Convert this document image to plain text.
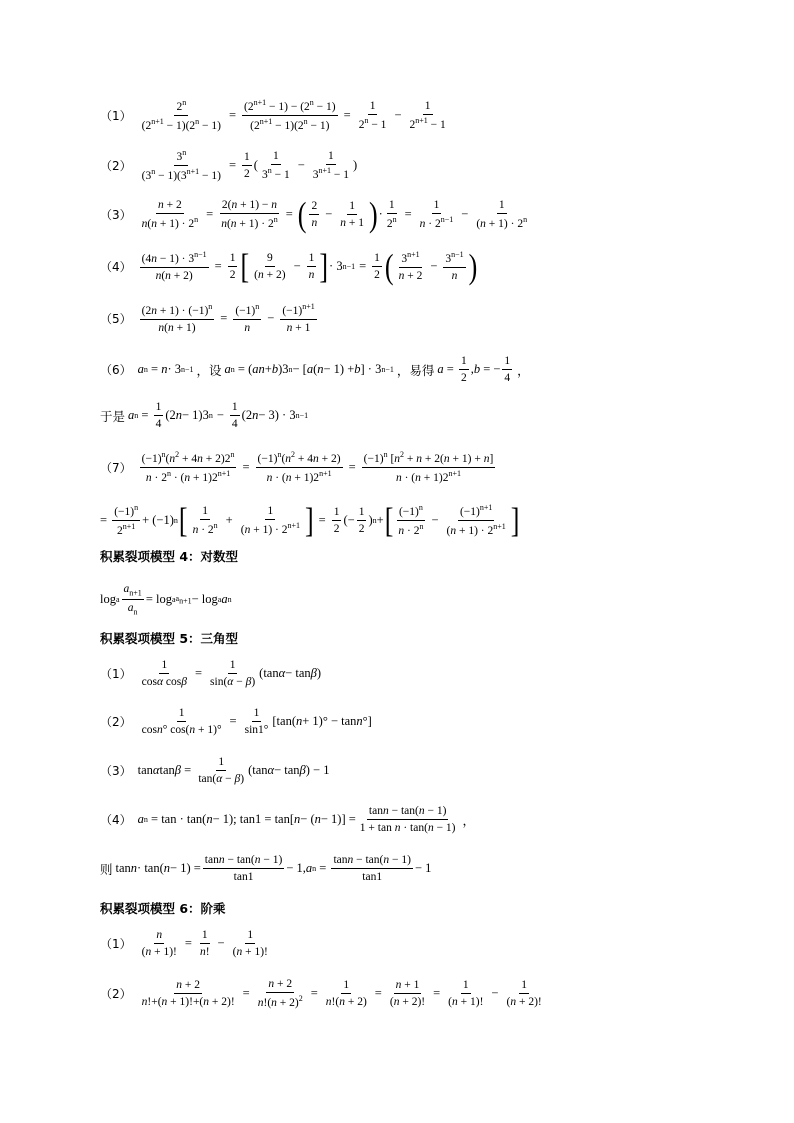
$(1) \frac{2^n}{(2^{n+1} - 1)(2^n - 1)} = \frac{(2^{n+1} - 1) - (2^n - 1)}{(2^{n+1} - 1)(2^n - 1)} = \frac{1}{2^n - 1} - \frac{1}{2^{n+1} - 1}$
$(2) \frac{3^n}{(3^n - 1)(3^{n+1} - 1)} = \frac{1}{2}$ ( $\frac{1}{3^n - 1} - \frac{1}{3^{n+1} - 1}$ )
$(3) \frac{n + 2}{n(n + 1) \cdot 2^n} = \frac{2(n + 1) - n}{n(n + 1) \cdot 2^n}$ = ( $\frac{2}{n} - \frac{1}{n + 1}$ ) · $\frac{1}{2^n} = \frac{1}{n \cdot 2^{n-1}} - \frac{1}{(n + 1) \cdot 2^n}$
$(4) \frac{(4n - 1) \cdot 3^{n-1}}{n(n + 2)} = \frac{1}{2}$ [ $\frac{9}{(n + 2)} - \frac{1}{n}$ ] · 3 $n-1 = \frac{1}{2}$ ( $\frac{3^{n+1}}{n + 2} - \frac{3^{n-1}}{n}$ )
$(5) \frac{(2n + 1) \cdot (-1)^n}{n(n + 1)} = \frac{(-1)^n}{n} - \frac{(-1)^{n+1}}{n + 1}$
（6） a n = n · 3 n−1 ，设 a n = ( an + b )3 n − [ a ( n − 1) + b ] · 3 n−1 ，易得 $a = \frac{1}{2}$ , b = − $\frac{1}{4}$ ，
于是 a $n = \frac{1}{4} (2$ n − 1)3 $n - \frac{1}{4} (2$ n − 3) · 3 n−1
$(7) \frac{(-1)^n(n^2 + 4n + 2)2^n}{n \cdot 2^n \cdot (n + 1)2^{n+1}} = \frac{(-1)^n(n^2 + 4n + 2)}{n \cdot (n + 1)2^{n+1}} = \frac{(-1)^n [n^2 + n + 2(n + 1) + n]}{n \cdot (n + 1)2^{n+1}}$
= $\frac{(-1)^n}{2^{n+1}} + (-1)$ n [ $\frac{1}{n \cdot 2^n} + \frac{1}{(n + 1) \cdot 2^{n+1}}$ ] = $\frac{1}{2}$ (− $\frac{1}{2}$ ) n + [ $\frac{(-1)^n}{n \cdot 2^n} - \frac{(-1)^{n+1}}{(n + 1) \cdot 2^{n+1}}$ ]
积累裂项模型 4：对数型
log a $\frac{a_{n+1}}{a_n} = \log a$ $a_{n+1} - \log a$ a n
积累裂项模型 5：三角型
$(1) \frac{1}{\text{cosα cosβ}} = \frac{1}{\sin(\alpha - \beta)} (\tan$ α − tan β )
$(2) \frac{1}{\cos n^\circ \cos(n + 1)^\circ} = \frac{1}{\sin 1^\circ} [\tan$( n + 1)° − tan n °]
（3） tan α $\tan \beta = \frac{1}{\tan(\alpha - \beta)} (\tan$ α − tan β ) − 1
（4） a n = tan · tan( n − 1); tan1 = tan[ n − ( $n - 1)] = \frac{\tan n - \tan(n - 1)}{\text{1 + tan n · tan(n − 1)}}$ ，
则 tan n · tan( $n - 1) = \frac{\tan n - \tan(n - 1)}{\tan 1} - 1$, a $n = \frac{\tan n - \tan(n - 1)}{\tan 1} - 1$
积累裂项模型 6：阶乘
$(1) \frac{n}{(n + 1)!} = \frac{1}{n!} - \frac{1}{(n + 1)!}$
$(2) \frac{n + 2}{n!+(n + 1)!+(n + 2)!} = \frac{n + 2}{n!(n + 2)^2} = \frac{1}{n!(n + 2)} = \frac{n + 1}{(n + 2)!} = \frac{1}{(n + 1)!} - \frac{1}{(n + 2)!}$
